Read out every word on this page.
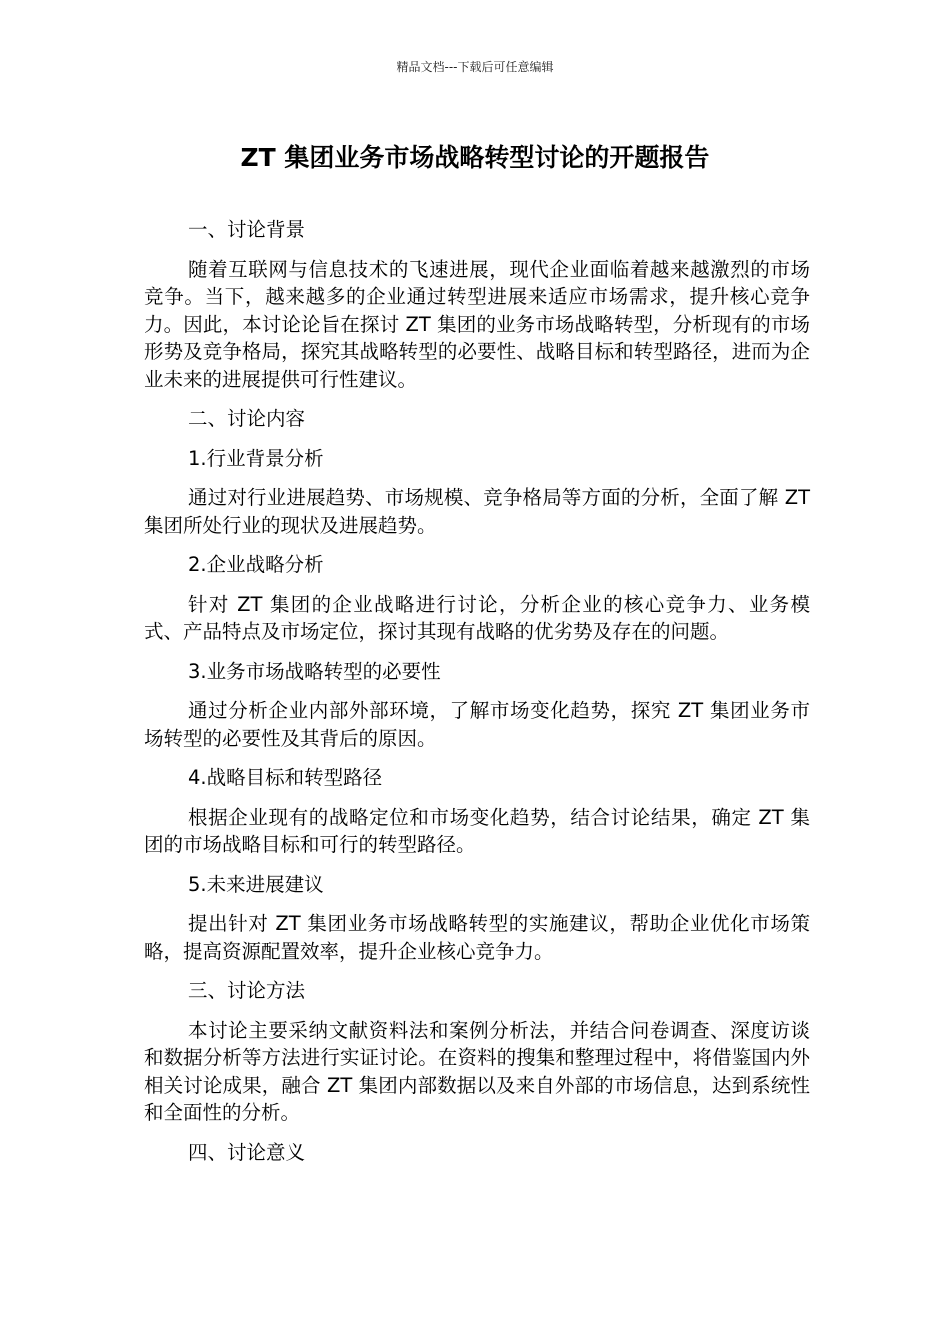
精品文档---下载后可任意编辑
ZT 集团业务市场战略转型讨论的开题报告

一、讨论背景

随着互联网与信息技术的飞速进展，现代企业面临着越来越激烈的市场竞争。当下，越来越多的企业通过转型进展来适应市场需求，提升核心竞争力。因此，本讨论论旨在探讨 ZT 集团的业务市场战略转型，分析现有的市场形势及竞争格局，探究其战略转型的必要性、战略目标和转型路径，进而为企业未来的进展提供可行性建议。

二、讨论内容

1.行业背景分析

通过对行业进展趋势、市场规模、竞争格局等方面的分析，全面了解 ZT 集团所处行业的现状及进展趋势。

2.企业战略分析

针对 ZT 集团的企业战略进行讨论，分析企业的核心竞争力、业务模式、产品特点及市场定位，探讨其现有战略的优劣势及存在的问题。

3.业务市场战略转型的必要性

通过分析企业内部外部环境，了解市场变化趋势，探究 ZT 集团业务市场转型的必要性及其背后的原因。

4.战略目标和转型路径

根据企业现有的战略定位和市场变化趋势，结合讨论结果，确定 ZT 集团的市场战略目标和可行的转型路径。

5.未来进展建议

提出针对 ZT 集团业务市场战略转型的实施建议，帮助企业优化市场策略，提高资源配置效率，提升企业核心竞争力。

三、讨论方法

本讨论主要采纳文献资料法和案例分析法，并结合问卷调查、深度访谈和数据分析等方法进行实证讨论。在资料的搜集和整理过程中，将借鉴国内外相关讨论成果，融合 ZT 集团内部数据以及来自外部的市场信息，达到系统性和全面性的分析。

四、讨论意义
